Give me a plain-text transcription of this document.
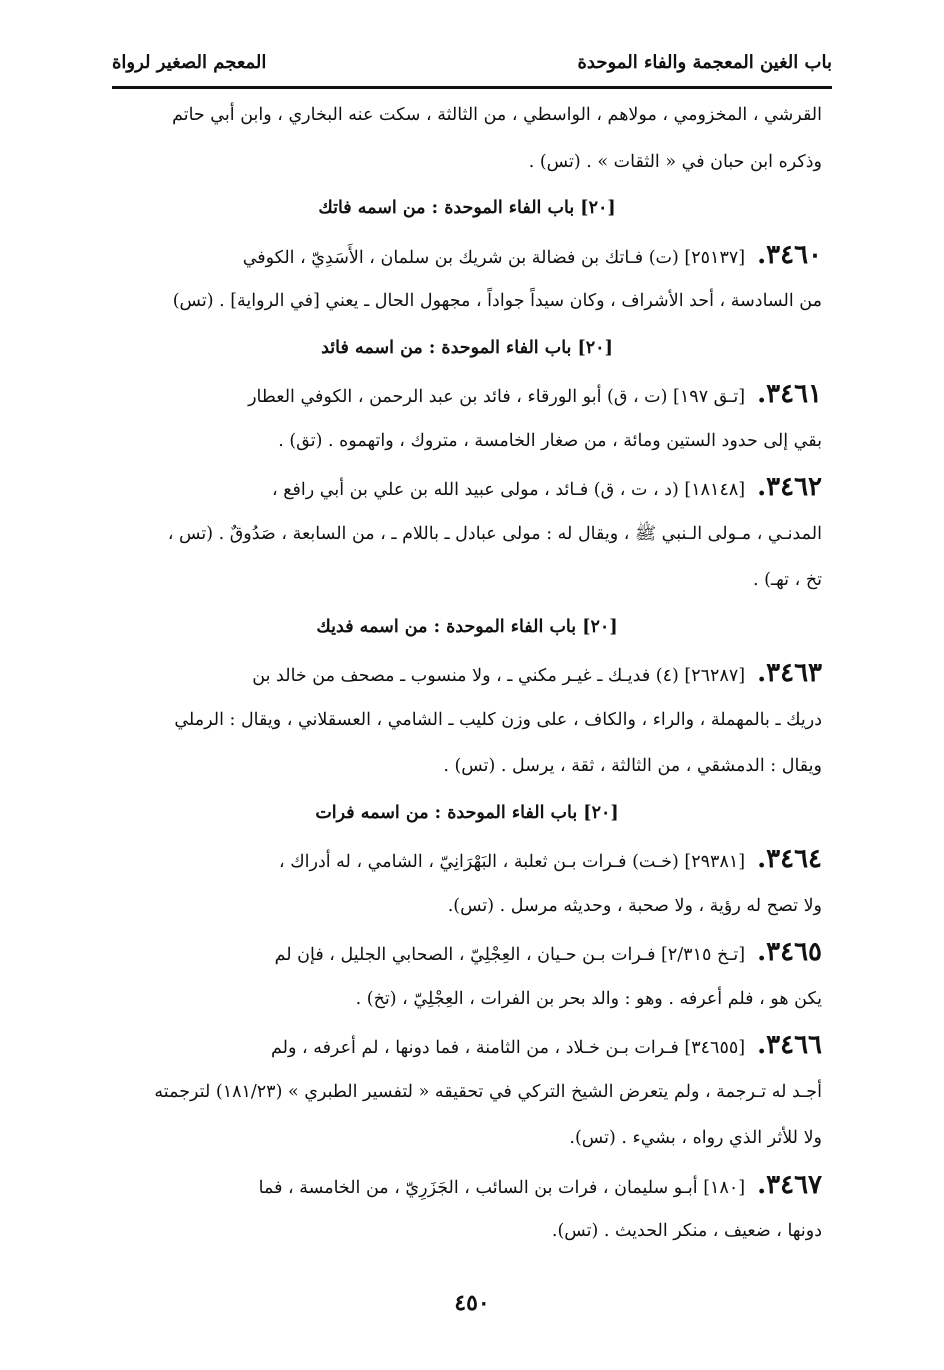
باب الغين المعجمة والفاء الموحدة
المعجم الصغير لرواة
القرشي ، المخزومي ، مولاهم ، الواسطي ، من الثالثة ، سكت عنه البخاري ، وابن أبي حاتم
وذكره ابن حبان في « الثقات » . (تس) .
[٢٠] باب الفاء الموحدة : من اسمه فاتك
٣٤٦٠.[٢٥١٣٧] (ت) فـاتك بن فضالة بن شريك بن سلمان ، الأَسَدِيّ ، الكوفي
من السادسة ، أحد الأشراف ، وكان سيداً جواداً ، مجهول الحال ـ يعني [في الرواية] . (تس)
[٢٠] باب الفاء الموحدة : من اسمه فائد
٣٤٦١.[تـق ١٩٧] (ت ، ق) أبو الورقاء ، فائد بن عبد الرحمن ، الكوفي العطار
بقي إلى حدود الستين ومائة ، من صغار الخامسة ، متروك ، واتهموه . (تق) .
٣٤٦٢.[١٨١٤٨] (د ، ت ، ق) فـائد ، مولى عبيد الله بن علي بن أبي رافع ،
المدنـي ، مـولى الـنبي ﷺ ، ويقال له : مولى عبادل ـ باللام ـ ، من السابعة ، صَدُوقٌ . (تس ،
تخ ، تهـ) .
[٢٠] باب الفاء الموحدة : من اسمه فديك
٣٤٦٣.[٢٦٢٨٧] (٤) فديـك ـ غيـر مكني ـ ، ولا منسوب ـ مصحف من خالد بن
دريك ـ بالمهملة ، والراء ، والكاف ، على وزن كليب ـ الشامي ، العسقلاني ، ويقال : الرملي
ويقال : الدمشقي ، من الثالثة ، ثقة ، يرسل . (تس) .
[٢٠] باب الفاء الموحدة : من اسمه فرات
٣٤٦٤.[٢٩٣٨١] (خـت) فـرات بـن ثعلبة ، البَهْرَانِيّ ، الشامي ، له أدراك ،
ولا تصح له رؤية ، ولا صحبة ، وحديثه مرسل . (تس).
٣٤٦٥.[تـخ ٢/٣١٥] فـرات بـن حـيان ، العِجْلِيّ ، الصحابي الجليل ، فإن لم
يكن هو ، فلم أعرفه . وهو : والد بحر بن الفرات ، العِجْلِيّ ، (تخ) .
٣٤٦٦.[٣٤٦٥٥] فـرات بـن خـلاد ، من الثامنة ، فما دونها ، لم أعرفه ، ولم
أجـد له تـرجمة ، ولم يتعرض الشيخ التركي في تحقيقه « لتفسير الطبري » (١٨١/٢٣) لترجمته
ولا للأثر الذي رواه ، بشيء . (تس).
٣٤٦٧.[١٨٠] أبـو سليمان ، فرات بن السائب ، الجَزَرِيّ ، من الخامسة ، فما
دونها ، ضعيف ، منكر الحديث . (تس).
٤٥٠
